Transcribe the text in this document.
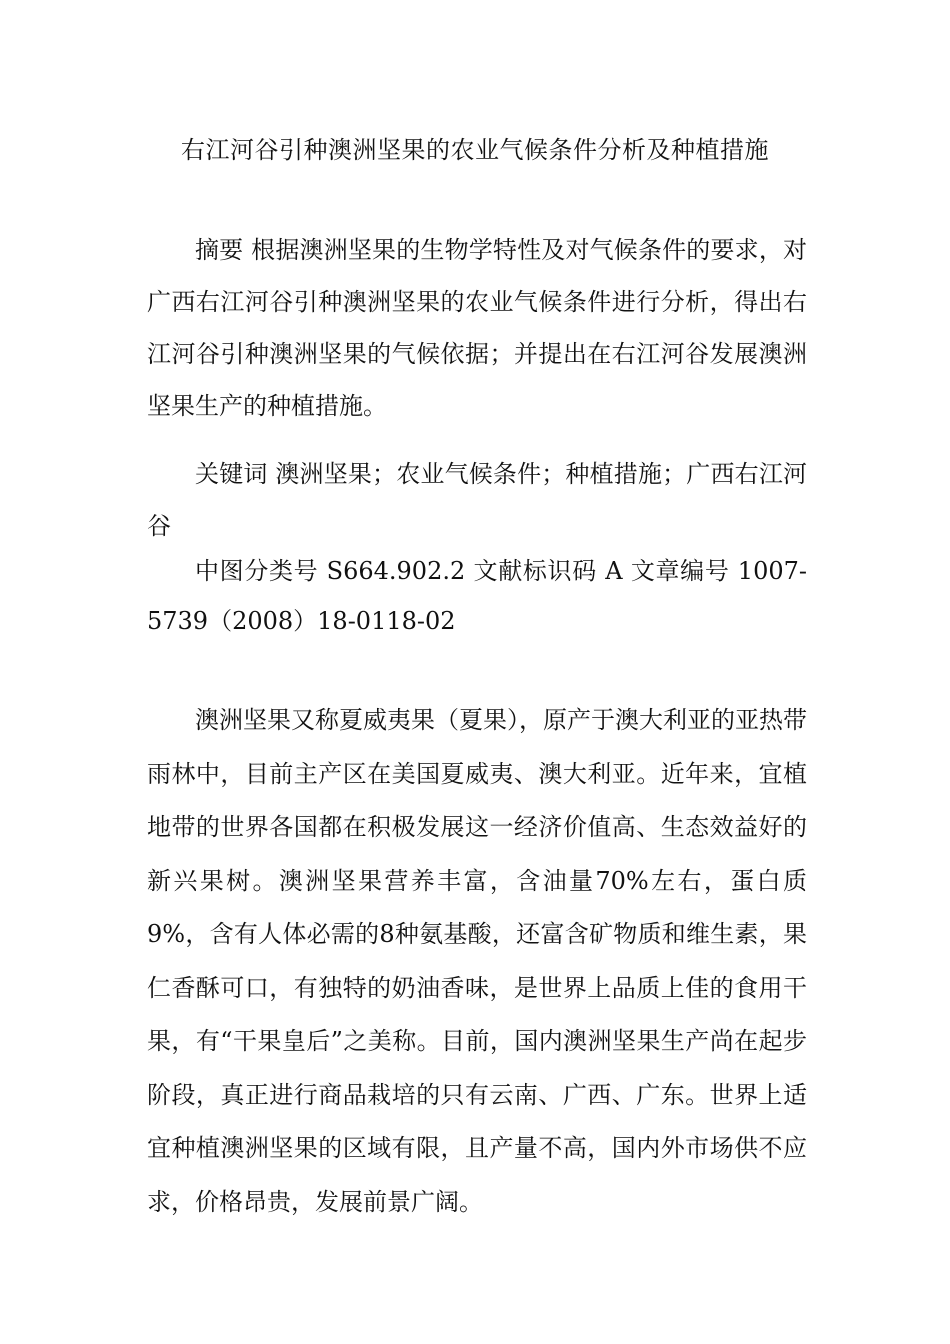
右江河谷引种澳洲坚果的农业气候条件分析及种植措施

摘要 根据澳洲坚果的生物学特性及对气候条件的要求，对广西右江河谷引种澳洲坚果的农业气候条件进行分析，得出右江河谷引种澳洲坚果的气候依据；并提出在右江河谷发展澳洲坚果生产的种植措施。

关键词 澳洲坚果；农业气候条件；种植措施；广西右江河谷

中图分类号 S664.902.2 文献标识码 A 文章编号 1007-5739（2008）18-0118-02

澳洲坚果又称夏威夷果（夏果），原产于澳大利亚的亚热带雨林中，目前主产区在美国夏威夷、澳大利亚。近年来，宜植地带的世界各国都在积极发展这一经济价值高、生态效益好的新兴果树。澳洲坚果营养丰富，含油量70%左右，蛋白质9%，含有人体必需的8种氨基酸，还富含矿物质和维生素，果仁香酥可口，有独特的奶油香味，是世界上品质上佳的食用干果，有“干果皇后”之美称。目前，国内澳洲坚果生产尚在起步阶段，真正进行商品栽培的只有云南、广西、广东。世界上适宜种植澳洲坚果的区域有限，且产量不高，国内外市场供不应求，价格昂贵，发展前景广阔。
